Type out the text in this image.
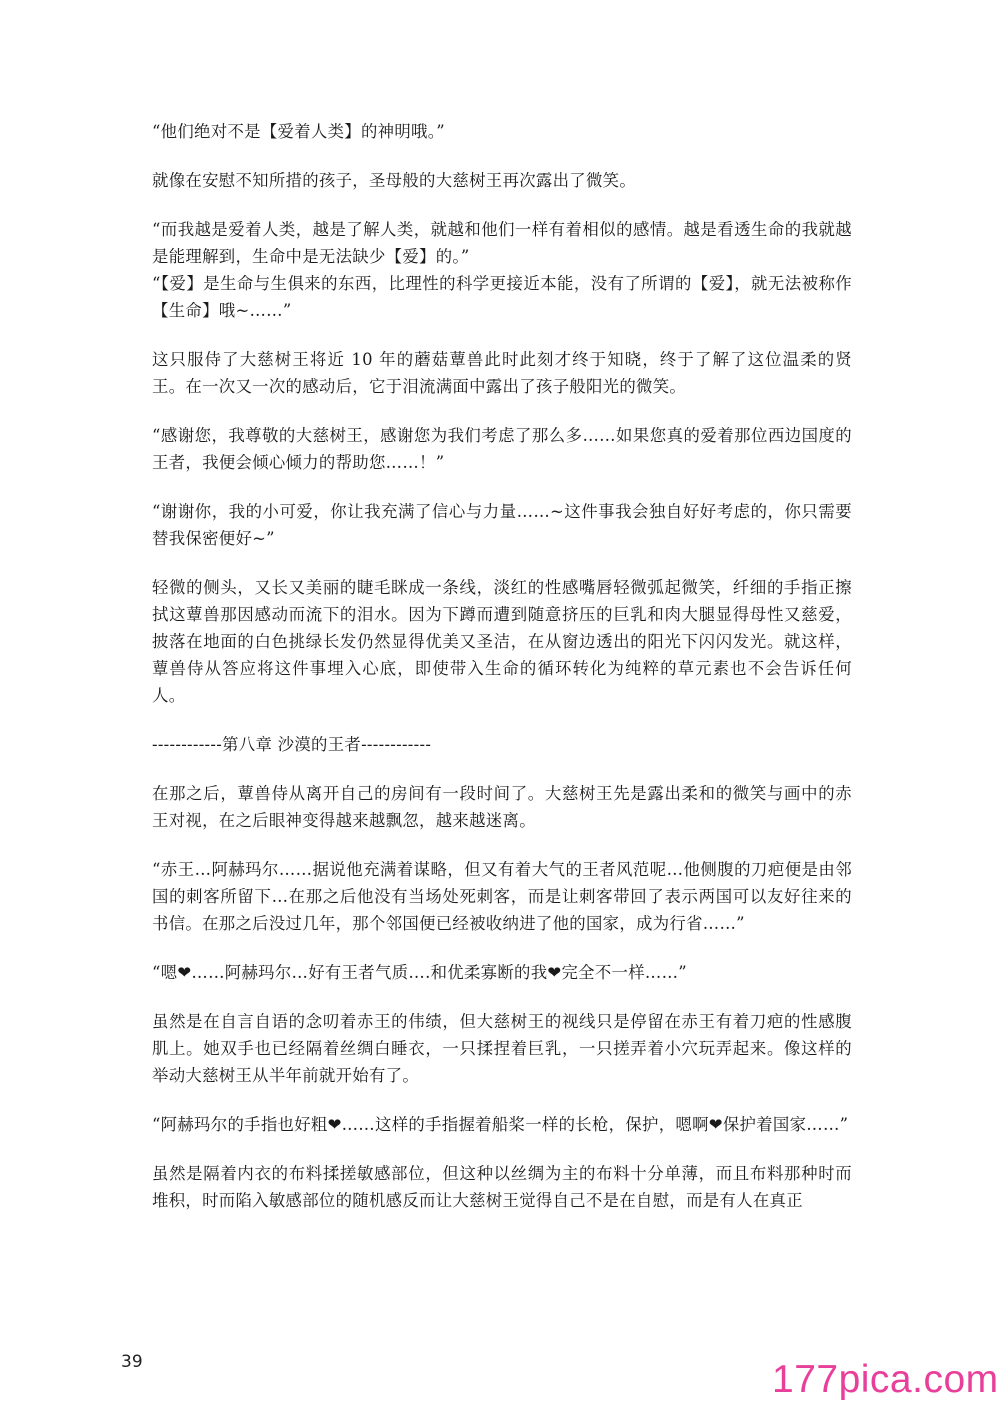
“他们绝对不是【爱着人类】的神明哦。”

就像在安慰不知所措的孩子，圣母般的大慈树王再次露出了微笑。

“而我越是爱着人类，越是了解人类，就越和他们一样有着相似的感情。越是看透生命的我就越是能理解到，生命中是无法缺少【爱】的。”

“【爱】是生命与生俱来的东西，比理性的科学更接近本能，没有了所谓的【爱】，就无法被称作【生命】哦~……”

这只服侍了大慈树王将近 10 年的蘑菇蕈兽此时此刻才终于知晓，终于了解了这位温柔的贤王。在一次又一次的感动后，它于泪流满面中露出了孩子般阳光的微笑。

“感谢您，我尊敬的大慈树王，感谢您为我们考虑了那么多……如果您真的爱着那位西边国度的王者，我便会倾心倾力的帮助您……！”

“谢谢你，我的小可爱，你让我充满了信心与力量……~这件事我会独自好好考虑的，你只需要替我保密便好~”

轻微的侧头，又长又美丽的睫毛眯成一条线，淡红的性感嘴唇轻微弧起微笑，纤细的手指正擦拭这蕈兽那因感动而流下的泪水。因为下蹲而遭到随意挤压的巨乳和肉大腿显得母性又慈爱，披落在地面的白色挑绿长发仍然显得优美又圣洁，在从窗边透出的阳光下闪闪发光。就这样，蕈兽侍从答应将这件事埋入心底，即使带入生命的循环转化为纯粹的草元素也不会告诉任何人。

------------第八章 沙漠的王者------------

在那之后，蕈兽侍从离开自己的房间有一段时间了。大慈树王先是露出柔和的微笑与画中的赤王对视，在之后眼神变得越来越飘忽，越来越迷离。

“赤王…阿赫玛尔……据说他充满着谋略，但又有着大气的王者风范呢…他侧腹的刀疤便是由邻国的刺客所留下…在那之后他没有当场处死刺客，而是让刺客带回了表示两国可以友好往来的书信。在那之后没过几年，那个邻国便已经被收纳进了他的国家，成为行省……”

“嗯❤……阿赫玛尔…好有王者气质….和优柔寡断的我❤完全不一样……”

虽然是在自言自语的念叨着赤王的伟绩，但大慈树王的视线只是停留在赤王有着刀疤的性感腹肌上。她双手也已经隔着丝绸白睡衣，一只揉捏着巨乳，一只搓弄着小穴玩弄起来。像这样的举动大慈树王从半年前就开始有了。

“阿赫玛尔的手指也好粗❤……这样的手指握着船桨一样的长枪，保护，嗯啊❤保护着国家……”

虽然是隔着内衣的布料揉搓敏感部位，但这种以丝绸为主的布料十分单薄，而且布料那种时而堆积，时而陷入敏感部位的随机感反而让大慈树王觉得自己不是在自慰，而是有人在真正

39	177pica.com
